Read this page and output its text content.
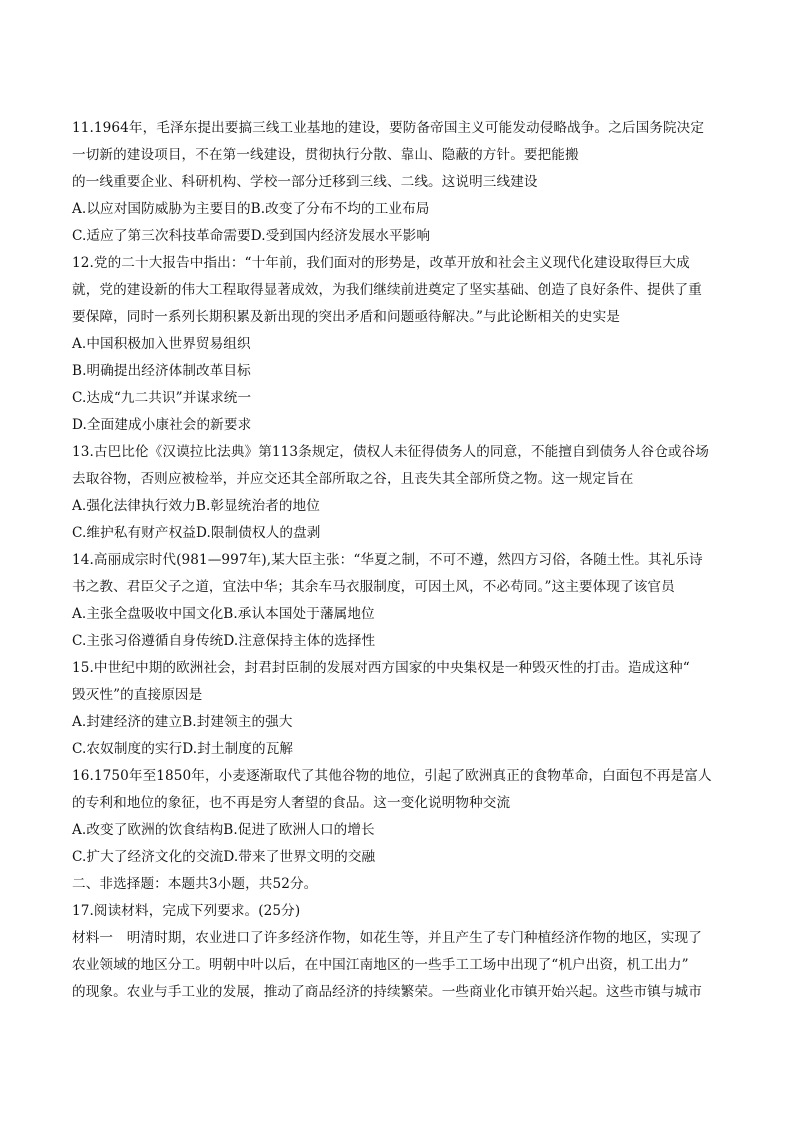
11.1964年，毛泽东提出要搞三线工业基地的建设，要防备帝国主义可能发动侵略战争。之后国务院决定
一切新的建设项目，不在第一线建设，贯彻执行分散、靠山、隐蔽的方针。要把能搬
的一线重要企业、科研机构、学校一部分迁移到三线、二线。这说明三线建设
A.以应对国防威胁为主要目的B.改变了分布不均的工业布局
C.适应了第三次科技革命需要D.受到国内经济发展水平影响
12.党的二十大报告中指出：“十年前，我们面对的形势是，改革开放和社会主义现代化建设取得巨大成
就，党的建设新的伟大工程取得显著成效，为我们继续前进奠定了坚实基础、创造了良好条件、提供了重
要保障，同时一系列长期积累及新出现的突出矛盾和问题亟待解决。”与此论断相关的史实是
A.中国积极加入世界贸易组织
B.明确提出经济体制改革目标
C.达成“九二共识”并谋求统一
D.全面建成小康社会的新要求
13.古巴比伦《汉谟拉比法典》第113条规定，债权人未征得债务人的同意，不能擅自到债务人谷仓或谷场
去取谷物，否则应被检举，并应交还其全部所取之谷，且丧失其全部所贷之物。这一规定旨在
A.强化法律执行效力B.彰显统治者的地位
C.维护私有财产权益D.限制债权人的盘剥
14.高丽成宗时代(981—997年),某大臣主张：“华夏之制，不可不遵，然四方习俗，各随土性。其礼乐诗
书之教、君臣父子之道，宜法中华；其余车马衣服制度，可因土风，不必苟同。”这主要体现了该官员
A.主张全盘吸收中国文化B.承认本国处于藩属地位
C.主张习俗遵循自身传统D.注意保持主体的选择性
15.中世纪中期的欧洲社会，封君封臣制的发展对西方国家的中央集权是一种毁灭性的打击。造成这种“
毁灭性”的直接原因是
A.封建经济的建立B.封建领主的强大
C.农奴制度的实行D.封土制度的瓦解
16.1750年至1850年，小麦逐渐取代了其他谷物的地位，引起了欧洲真正的食物革命，白面包不再是富人
的专利和地位的象征，也不再是穷人奢望的食品。这一变化说明物种交流
A.改变了欧洲的饮食结构B.促进了欧洲人口的增长
C.扩大了经济文化的交流D.带来了世界文明的交融
二、非选择题：本题共3小题，共52分。
17.阅读材料，完成下列要求。(25分)
材料一　明清时期，农业进口了许多经济作物，如花生等，并且产生了专门种植经济作物的地区，实现了
农业领域的地区分工。明朝中叶以后，在中国江南地区的一些手工工场中出现了“机户出资，机工出力”
的现象。农业与手工业的发展，推动了商品经济的持续繁荣。一些商业化市镇开始兴起。这些市镇与城市
